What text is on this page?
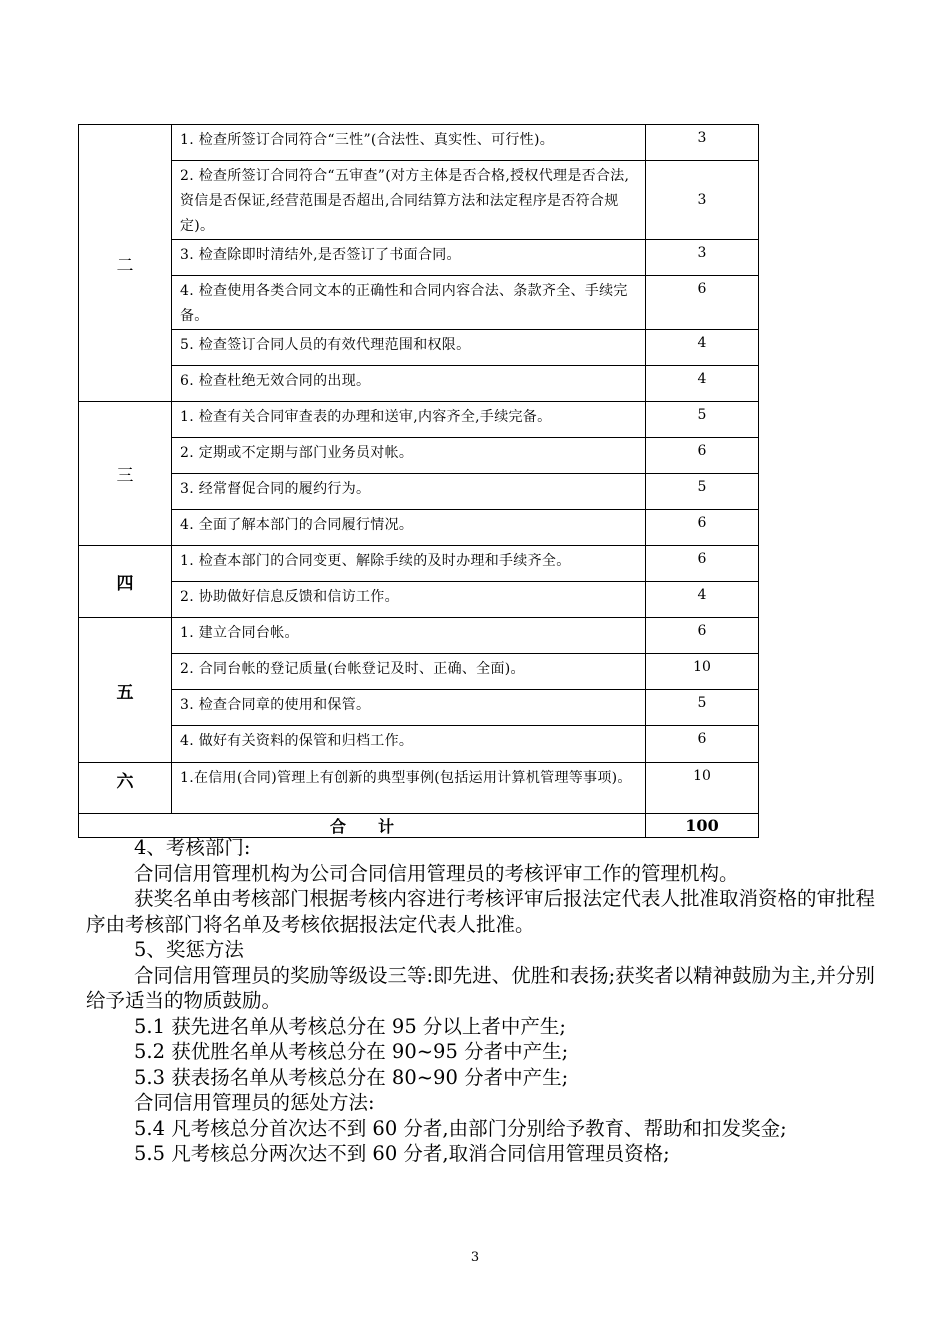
二	1. 检查所签订合同符合“三性”(合法性、真实性、可行性)。	3
	2. 检查所签订合同符合“五审查”(对方主体是否合格,授权代理是否合法,资信是否保证,经营范围是否超出,合同结算方法和法定程序是否符合规定)。	3
	3. 检查除即时清结外,是否签订了书面合同。	3
	4. 检查使用各类合同文本的正确性和合同内容合法、条款齐全、手续完备。	6
	5. 检查签订合同人员的有效代理范围和权限。	4
	6. 检查杜绝无效合同的出现。	4
三	1. 检查有关合同审查表的办理和送审,内容齐全,手续完备。	5
	2. 定期或不定期与部门业务员对帐。	6
	3. 经常督促合同的履约行为。	5
	4. 全面了解本部门的合同履行情况。	6
四	1. 检查本部门的合同变更、解除手续的及时办理和手续齐全。	6
	2. 协助做好信息反馈和信访工作。	4
五	1. 建立合同台帐。	6
	2. 合同台帐的登记质量(台帐登记及时、正确、全面)。	10
	3. 检查合同章的使用和保管。	5
	4. 做好有关资料的保管和归档工作。	6
六	1.在信用(合同)管理上有创新的典型事例(包括运用计算机管理等事项)。	10
合　　计		100

4、考核部门:

合同信用管理机构为公司合同信用管理员的考核评审工作的管理机构。

获奖名单由考核部门根据考核内容进行考核评审后报法定代表人批准取消资格的审批程序由考核部门将名单及考核依据报法定代表人批准。

5、奖惩方法

合同信用管理员的奖励等级设三等:即先进、优胜和表扬;获奖者以精神鼓励为主,并分别给予适当的物质鼓励。

5.1 获先进名单从考核总分在 95 分以上者中产生;

5.2 获优胜名单从考核总分在 90~95 分者中产生;

5.3 获表扬名单从考核总分在 80~90 分者中产生;

合同信用管理员的惩处方法:

5.4 凡考核总分首次达不到 60 分者,由部门分别给予教育、帮助和扣发奖金;

5.5 凡考核总分两次达不到 60 分者,取消合同信用管理员资格;

3
